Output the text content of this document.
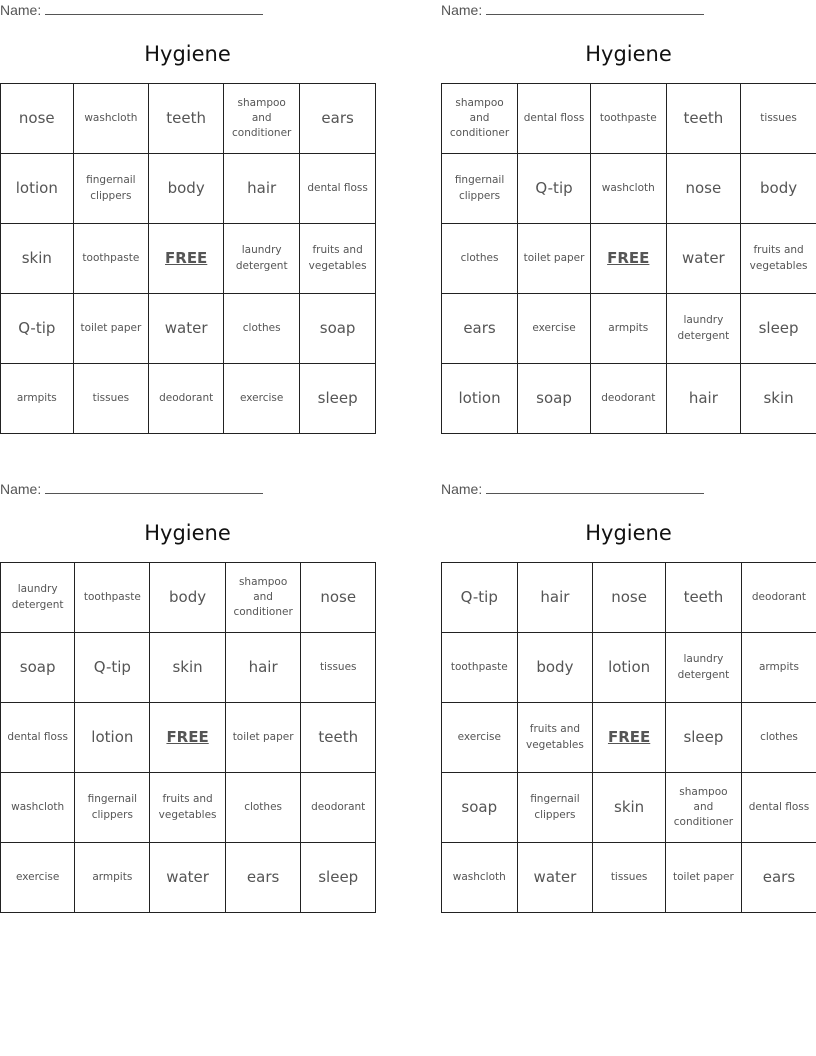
Name:
Hygiene
nose	washcloth	teeth	shampoo and conditioner	ears
lotion	fingernail clippers	body	hair	dental floss
skin	toothpaste	FREE	laundry detergent	fruits and vegetables
Q-tip	toilet paper	water	clothes	soap
armpits	tissues	deodorant	exercise	sleep
Name:
Hygiene
shampoo and conditioner	dental floss	toothpaste	teeth	tissues
fingernail clippers	Q-tip	washcloth	nose	body
clothes	toilet paper	FREE	water	fruits and vegetables
ears	exercise	armpits	laundry detergent	sleep
lotion	soap	deodorant	hair	skin
Name:
Hygiene
laundry detergent	toothpaste	body	shampoo and conditioner	nose
soap	Q-tip	skin	hair	tissues
dental floss	lotion	FREE	toilet paper	teeth
washcloth	fingernail clippers	fruits and vegetables	clothes	deodorant
exercise	armpits	water	ears	sleep
Name:
Hygiene
Q-tip	hair	nose	teeth	deodorant
toothpaste	body	lotion	laundry detergent	armpits
exercise	fruits and vegetables	FREE	sleep	clothes
soap	fingernail clippers	skin	shampoo and conditioner	dental floss
washcloth	water	tissues	toilet paper	ears
